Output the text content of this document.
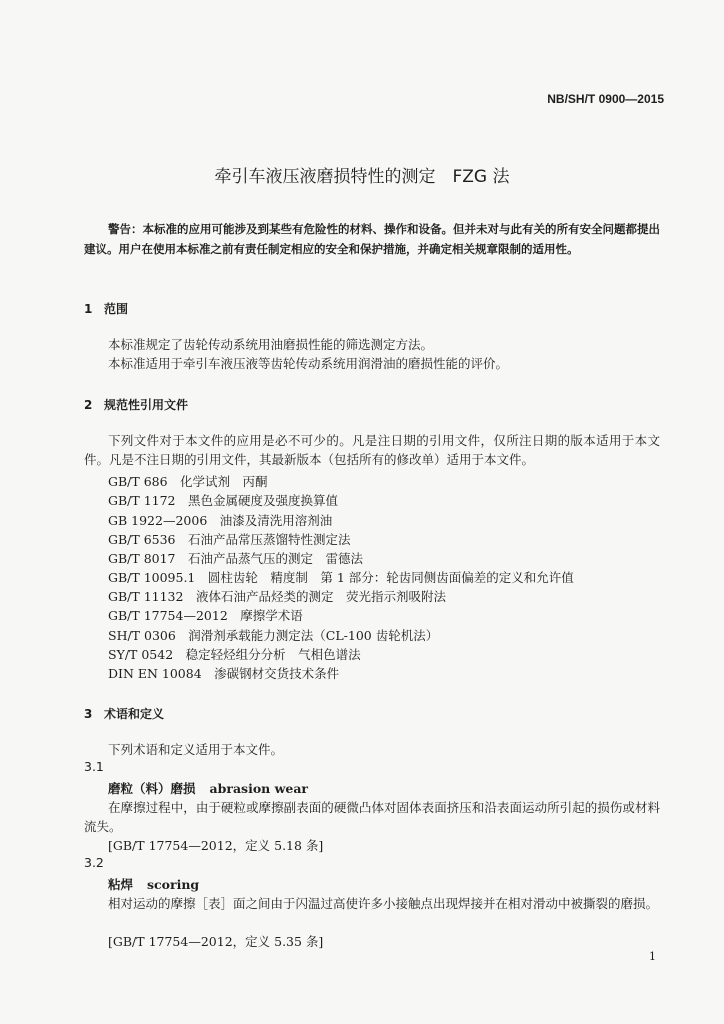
NB/SH/T 0900—2015
牵引车液压液磨损特性的测定　FZG 法
警告：本标准的应用可能涉及到某些有危险性的材料、操作和设备。但并未对与此有关的所有安全问题都提出建议。用户在使用本标准之前有责任制定相应的安全和保护措施，并确定相关规章限制的适用性。
1 范围
本标准规定了齿轮传动系统用油磨损性能的筛选测定方法。
本标准适用于牵引车液压液等齿轮传动系统用润滑油的磨损性能的评价。
2 规范性引用文件
下列文件对于本文件的应用是必不可少的。凡是注日期的引用文件，仅所注日期的版本适用于本文件。凡是不注日期的引用文件，其最新版本（包括所有的修改单）适用于本文件。
GB/T 686　化学试剂　丙酮
GB/T 1172　黑色金属硬度及强度换算值
GB 1922—2006　油漆及清洗用溶剂油
GB/T 6536　石油产品常压蒸馏特性测定法
GB/T 8017　石油产品蒸气压的测定　雷德法
GB/T 10095.1　圆柱齿轮　精度制　第 1 部分：轮齿同侧齿面偏差的定义和允许值
GB/T 11132　液体石油产品烃类的测定　荧光指示剂吸附法
GB/T 17754—2012　摩擦学术语
SH/T 0306　润滑剂承载能力测定法（CL-100 齿轮机法）
SY/T 0542　稳定轻烃组分分析　气相色谱法
DIN EN 10084　渗碳钢材交货技术条件
3 术语和定义
下列术语和定义适用于本文件。
3.1
磨粒（料）磨损 abrasion wear
在摩擦过程中，由于硬粒或摩擦副表面的硬微凸体对固体表面挤压和沿表面运动所引起的损伤或材料流失。
[GB/T 17754—2012，定义 5.18 条]
3.2
粘焊 scoring
相对运动的摩擦［表］面之间由于闪温过高使许多小接触点出现焊接并在相对滑动中被撕裂的磨损。
[GB/T 17754—2012，定义 5.35 条]
1
